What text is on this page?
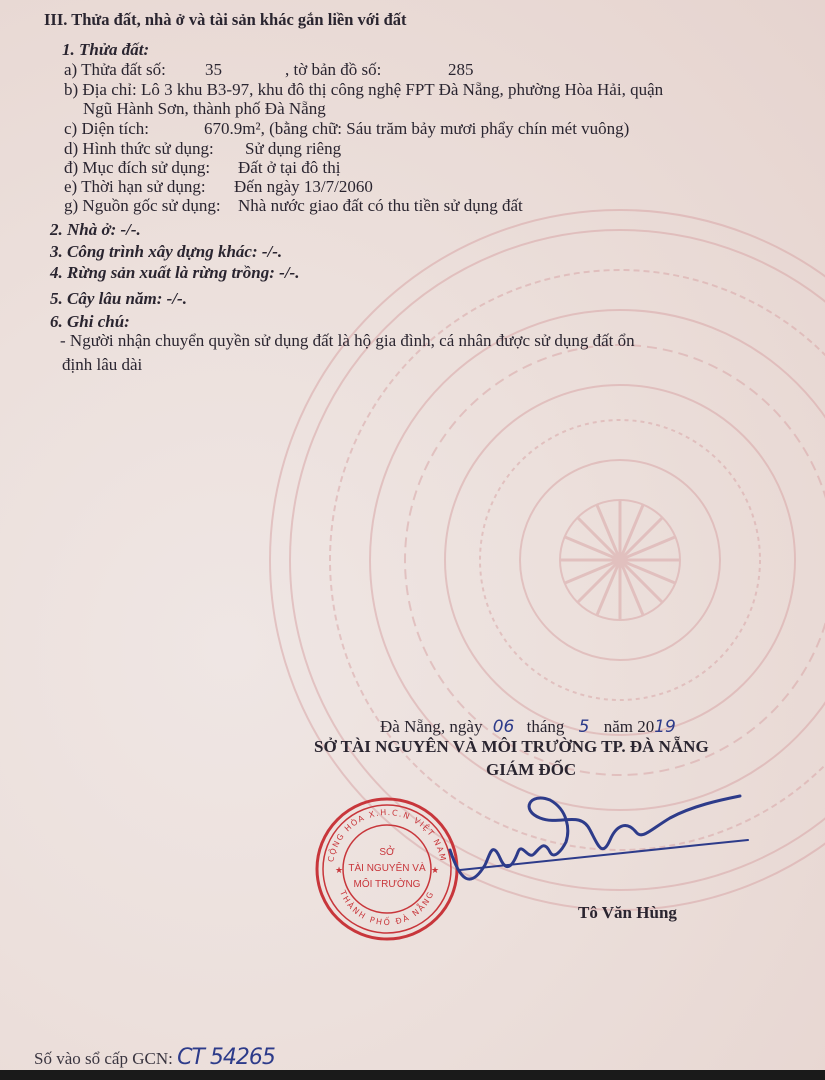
III. Thửa đất, nhà ở và tài sản khác gắn liền với đất
1. Thửa đất:
a) Thửa đất số: 35	, tờ bản đồ số:	285
b) Địa chỉ: Lô 3 khu B3-97, khu đô thị công nghệ FPT Đà Nẵng, phường Hòa Hải, quận
Ngũ Hành Sơn, thành phố Đà Nẵng
c) Diện tích:	670.9m², (bằng chữ: Sáu trăm bảy mươi phẩy chín mét vuông)
d) Hình thức sử dụng: Sử dụng riêng
đ) Mục đích sử dụng: Đất ở tại đô thị
e) Thời hạn sử dụng: Đến ngày 13/7/2060
g) Nguồn gốc sử dụng: Nhà nước giao đất có thu tiền sử dụng đất
2. Nhà ở: -/-.
3. Công trình xây dựng khác: -/-.
4. Rừng sản xuất là rừng trồng: -/-.
5. Cây lâu năm: -/-.
6. Ghi chú:
- Người nhận chuyển quyền sử dụng đất là hộ gia đình, cá nhân được sử dụng đất ổn
định lâu dài
Đà Nẵng, ngày 06 tháng 5 năm 2019
SỞ TÀI NGUYÊN VÀ MÔI TRƯỜNG TP. ĐÀ NẴNG
GIÁM ĐỐC
CỘNG HÒA X.H.C.N VIỆT NAM
THÀNH PHỐ ĐÀ NẴNG
SỞ
TÀI NGUYÊN VÀ
MÔI TRƯỜNG
★	★
Tô Văn Hùng
Số vào sổ cấp GCN: CT 54265
